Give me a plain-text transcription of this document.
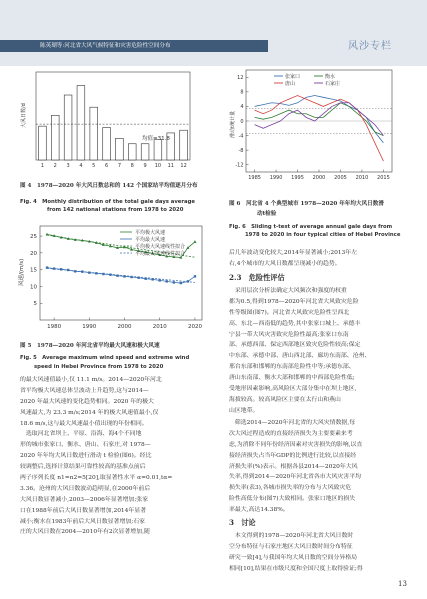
陈英瑚等:河北省大风气候特征和灾害危险性空间分布	风沙专栏
1 2 3 4 5 6 7 8 9 10 11 12
大风日数/d
均值=31.8
图 4　1978—2020 年大风日数总和的 142 个国家站平均值逐月分布
Fig. 4　Monthly distribution of the total gale days average
from 142 national stations from 1978 to 2020
5
10
15
20
25
1980	1990	2000	2010	2020
平均极大风速
平均最大风速
平均极大风速线性拟合
平均最大风速线性拟合
风速/(m/s)
图 5　1978—2020 年河北省平均最大风速和极大风速
Fig. 5　Average maximum wind speed and extreme wind
speed in Hebei Province from 1978 to 2020
12
8
4
0
-4
-8
-12
1985 1990 1995 2000 2005 2010 2015
张家口	衡水
唐山	石家庄
滑动t统计量
图 6　河北省 4 个典型城市 1978—2020 年年均大风日数滑
动t检验
Fig. 6　Sliding t-test of average annual gale days from
1978 to 2020 in four typical cities of Hebei Province
的最大风速值最小,仅 11.1 m/s。2014—2020年河北
省平均极大风速总体呈波动上升趋势,这与2014—
2020 年最大风速的变化趋势相同。2020 年的极大
风速最大,为 23.3 m/s;2014 年的极大风速值最小,仅
18.6 m/s,这与最大风速最小值出现的年份相同。
　选取河北省坝上、平原、沿海、海4个不同地
形的城市张家口、衡水、唐山、石家庄,对 1978—
2020 年年均大风日数进行滑动 t 检验(图6)。经比
较调整后,选择计算结果可靠性较高的基准点前后
两子序列长度 n1=n2=5[20],取显著性水平 α=0.01,tα=
3.36。沧州的大风日数波动趋明显,在2000年前后
大风日数显著减小,2003—2006年显著增加;张家
口在1988年前后大风日数显著增加,2014年显著
减小;衡水在1983年前后大风日数显著增加;石家
庄的大风日数在2004—2010年有2次显著增加,随
后几年波动变化较大,2014年显著减小;2013年左
右,4个城市的大风日数都呈现减小的趋势。
2.3　危险性评估
　采用层次分析法确定大风频次和强度的权重
都为0.5,得到1978—2020年河北省大风致灾危险
性等级图(图7)。河北省大风致灾危险性呈西北
高、东北—西南低的趋势,其中张家口城上、承德丰
宁县一带大风灾害致灾危险性最高;张家口东南
部、承德西部、保定西部地区致灾危险性较高;保定
中东部、承德中部、唐山西北部、廊坊东南部、沧州、
邢台东部和邯郸的东南部危险性中等;承德东部、
唐山东南部、衡水大部和邯郸的中西部危险性低;
受地形因素影响,高风险区大部分集中在坝上地区,
海拔较高。较高风险区主要在太行山和燕山
山区地带。
　筛选2014—2020年河北省的大风灾情数据,每
次大风过程造成的直接经济损失为主要要素来考
虑,为消除不同年份经济因素对灾害损失的影响,以直
接经济损失占当年GDP的比例进行比较,以直接经
济损失率(%)表示。根据各县2014—2020年大风
失率,得到2014—2020年河北省各市大风灾害平均
损失率(表3),各城市损失率的分布与大风致灾危
险性高低分布(图7)大致相同。张家口地区的损失
率最大,高达14.38%。
3　讨论
　本文得到的1978—2020年河北省大风日数时
空分布特征与石家庄地区大风日数时间分布特征
研究一致[4],与我国年均大风日数的空间分异格局
相同[10],结果在市级尺度和全国尺度上取得验证;得
13
